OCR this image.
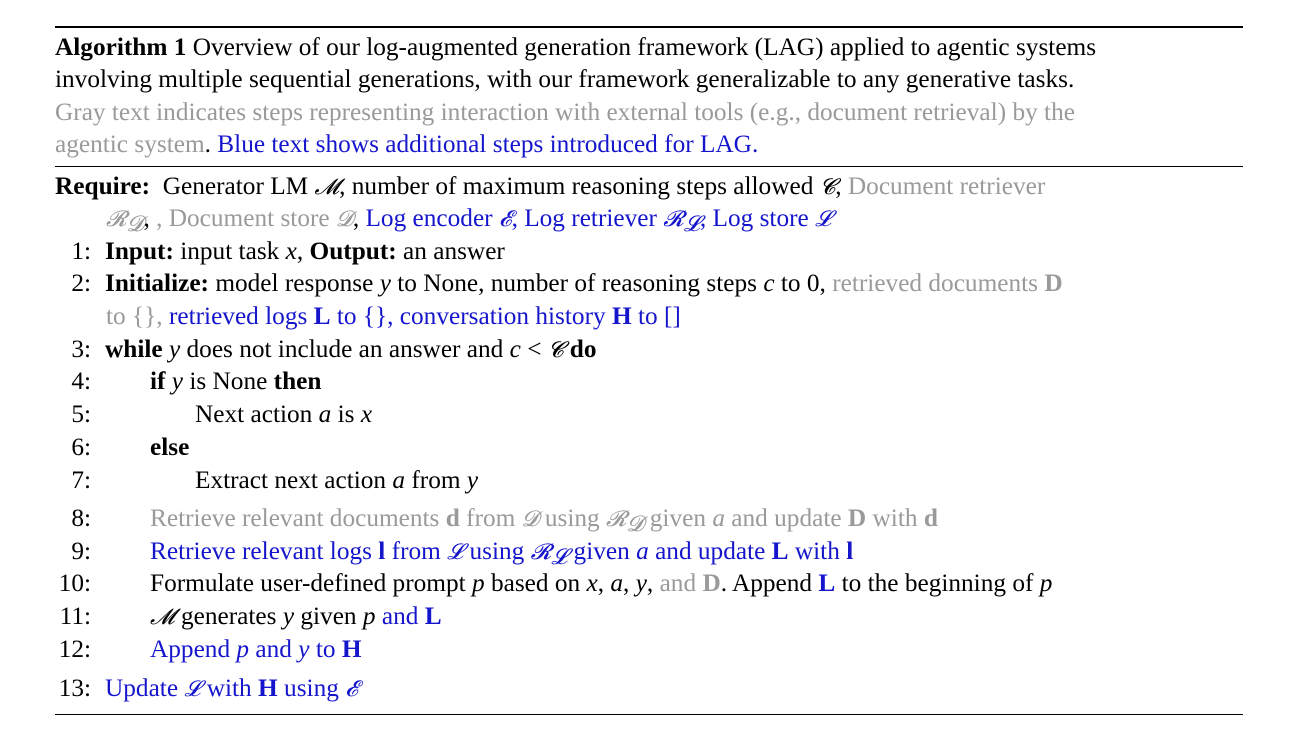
Algorithm 1 Overview of our log-augmented generation framework (LAG) applied to agentic systems
involving multiple sequential generations, with our framework generalizable to any generative tasks.
Gray text indicates steps representing interaction with external tools (e.g., document retrieval) by the
agentic system. Blue text shows additional steps introduced for LAG.
Require: Generator LM 𝓜, number of maximum reasoning steps allowed 𝓒, Document retriever
𝓡$_𝓓$, , Document store 𝓓, Log encoder 𝓔, Log retriever 𝓡$_𝓛$, Log store 𝓛
1: Input: input task x, Output: an answer
2: Initialize: model response y to None, number of reasoning steps c to 0, retrieved documents D
to {}, retrieved logs L to {}, conversation history H to []
3: while y does not include an answer and c < 𝓒 do
4: if y is None then
5:	Next action a is x
6: else
7:	Extract next action a from y
8: Retrieve relevant documents d from 𝓓 using 𝓡$_𝓓$ given a and update D with d
9: Retrieve relevant logs l from 𝓛 using 𝓡$_𝓛$ given a and update L with l
10: Formulate user-defined prompt p based on x, a, y, and D. Append L to the beginning of p
11:	𝓜 generates y given p and L
12: Append p and y to H
13: Update 𝓛 with H using 𝓔
